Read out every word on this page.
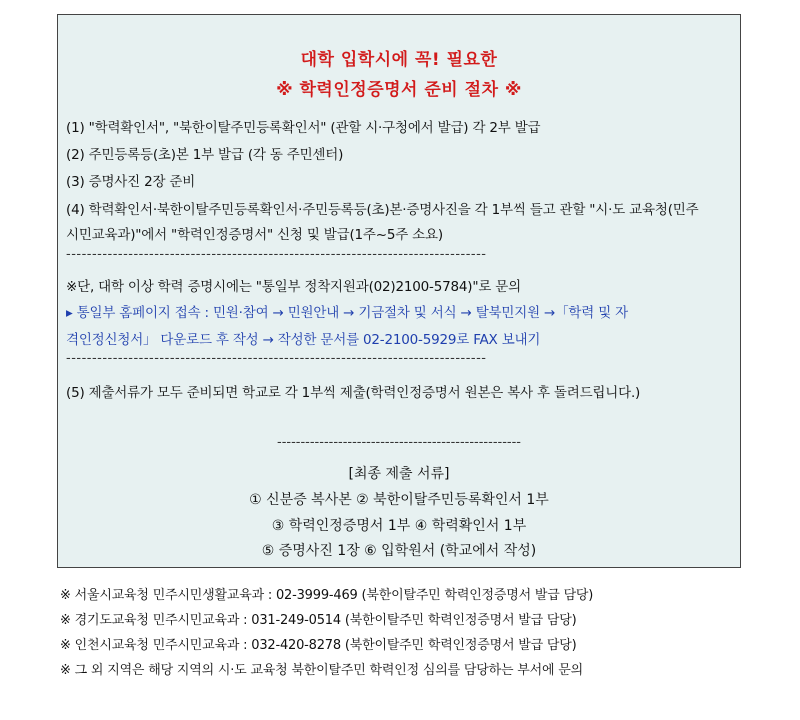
대학 입학시에 꼭! 필요한
※ 학력인정증명서 준비 절차 ※
(1) "학력확인서", "북한이탈주민등록확인서" (관할 시·구청에서 발급) 각 2부 발급
(2) 주민등록등(초)본 1부 발급 (각 동 주민센터)
(3) 증명사진 2장 준비
(4) 학력확인서·북한이탈주민등록확인서·주민등록등(초)본·증명사진을 각 1부씩 들고 관할 "시·도 교육청(민주
시민교육과)"에서 "학력인정증명서" 신청 및 발급(1주~5주 소요)
---------------------------------------------------------------------------------
※단, 대학 이상 학력 증명시에는 "통일부 정착지원과(02)2100-5784)"로 문의
▸ 통일부 홈페이지 접속 : 민원·참여 → 민원안내 → 기금절차 및 서식 → 탈북민지원 →「학력 및 자
격인정신청서」 다운로드 후 작성 → 작성한 문서를 02-2100-5929로 FAX 보내기
---------------------------------------------------------------------------------
(5) 제출서류가 모두 준비되면 학교로 각 1부씩 제출(학력인정증명서 원본은 복사 후 돌려드립니다.)
----------------------------------------------------
[최종 제출 서류]
① 신분증 복사본 ② 북한이탈주민등록확인서 1부
③ 학력인정증명서 1부 ④ 학력확인서 1부
⑤ 증명사진 1장 ⑥ 입학원서 (학교에서 작성)
※ 서울시교육청 민주시민생활교육과 : 02-3999-469 (북한이탈주민 학력인정증명서 발급 담당)
※ 경기도교육청 민주시민교육과 : 031-249-0514 (북한이탈주민 학력인정증명서 발급 담당)
※ 인천시교육청 민주시민교육과 : 032-420-8278 (북한이탈주민 학력인정증명서 발급 담당)
※ 그 외 지역은 해당 지역의 시·도 교육청 북한이탈주민 학력인정 심의를 담당하는 부서에 문의
